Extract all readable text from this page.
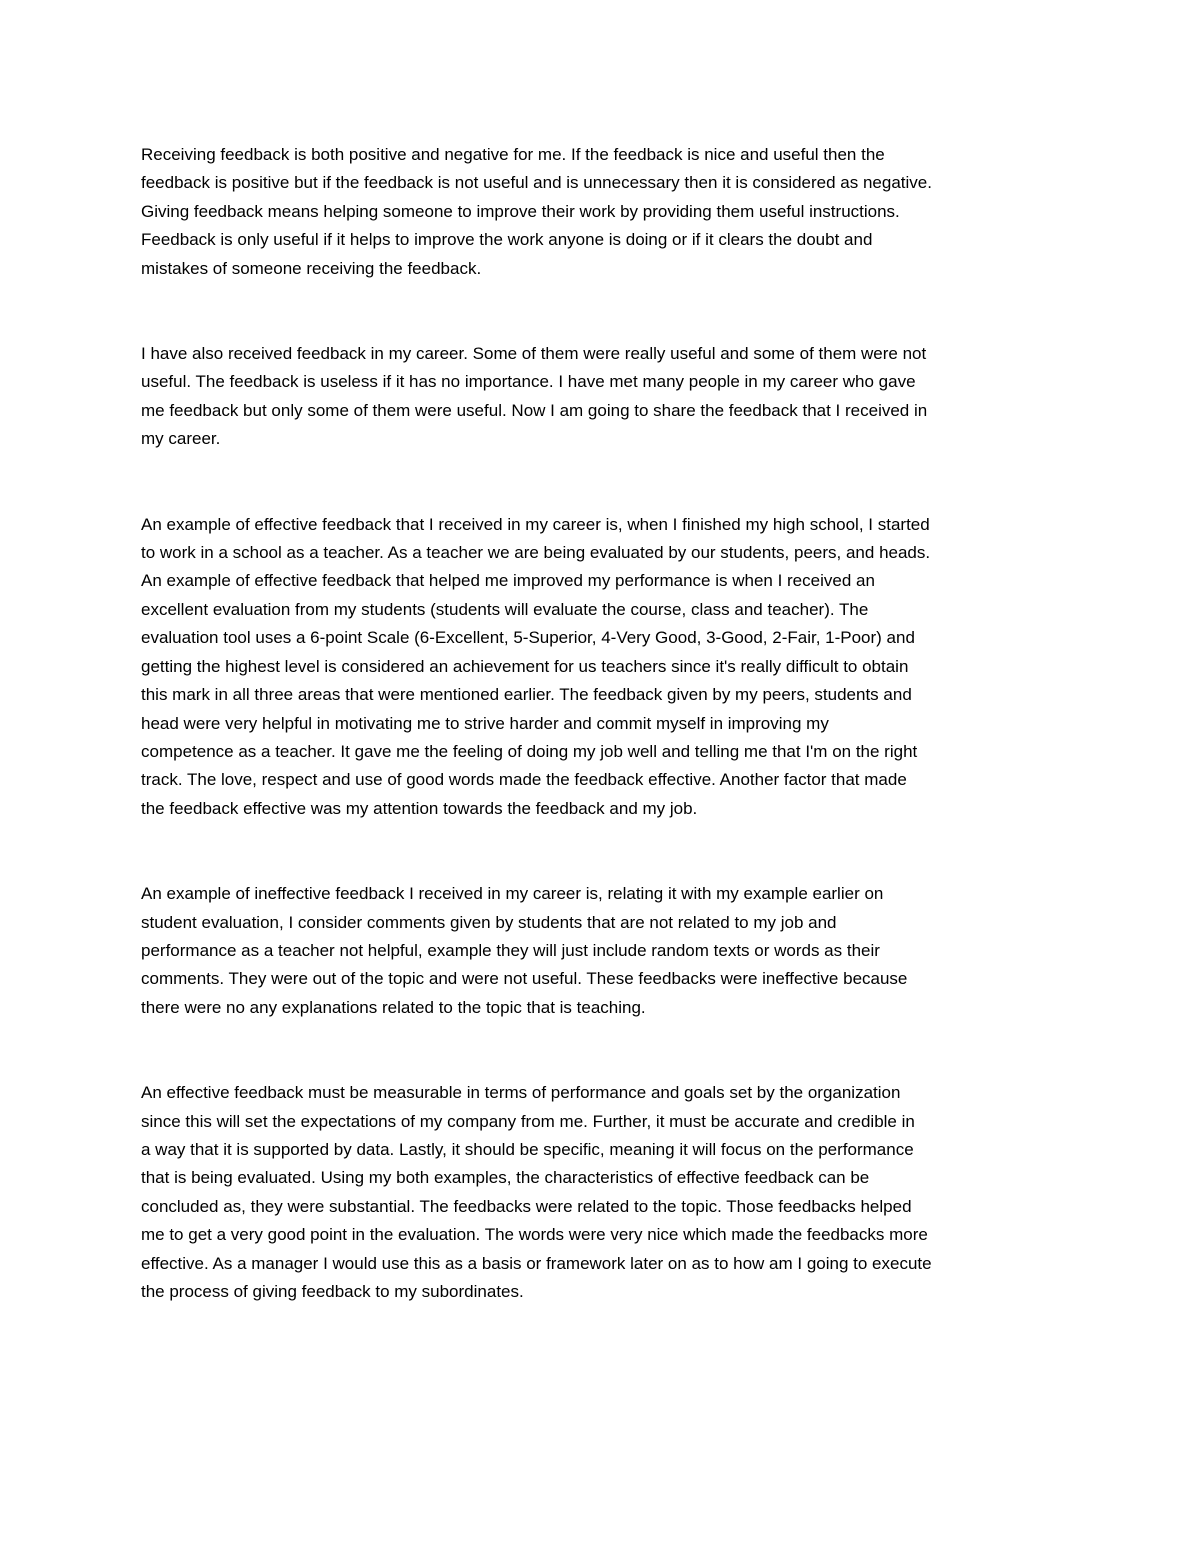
Receiving feedback is both positive and negative for me. If the feedback is nice and useful then the
feedback is positive but if the feedback is not useful and is unnecessary then it is considered as negative.
Giving feedback means helping someone to improve their work by providing them useful instructions.
Feedback is only useful if it helps to improve the work anyone is doing or if it clears the doubt and
mistakes of someone receiving the feedback.

I have also received feedback in my career. Some of them were really useful and some of them were not
useful. The feedback is useless if it has no importance. I have met many people in my career who gave
me feedback but only some of them were useful. Now I am going to share the feedback that I received in
my career.

An example of effective feedback that I received in my career is, when I finished my high school, I started
to work in a school as a teacher. As a teacher we are being evaluated by our students, peers, and heads.
An example of effective feedback that helped me improved my performance is when I received an
excellent evaluation from my students (students will evaluate the course, class and teacher). The
evaluation tool uses a 6-point Scale (6-Excellent, 5-Superior, 4-Very Good, 3-Good, 2-Fair, 1-Poor) and
getting the highest level is considered an achievement for us teachers since it's really difficult to obtain
this mark in all three areas that were mentioned earlier. The feedback given by my peers, students and
head were very helpful in motivating me to strive harder and commit myself in improving my
competence as a teacher. It gave me the feeling of doing my job well and telling me that I'm on the right
track. The love, respect and use of good words made the feedback effective. Another factor that made
the feedback effective was my attention towards the feedback and my job.

An example of ineffective feedback I received in my career is, relating it with my example earlier on
student evaluation, I consider comments given by students that are not related to my job and
performance as a teacher not helpful, example they will just include random texts or words as their
comments. They were out of the topic and were not useful. These feedbacks were ineffective because
there were no any explanations related to the topic that is teaching.

An effective feedback must be measurable in terms of performance and goals set by the organization
since this will set the expectations of my company from me. Further, it must be accurate and credible in
a way that it is supported by data. Lastly, it should be specific, meaning it will focus on the performance
that is being evaluated. Using my both examples, the characteristics of effective feedback can be
concluded as, they were substantial. The feedbacks were related to the topic. Those feedbacks helped
me to get a very good point in the evaluation. The words were very nice which made the feedbacks more
effective. As a manager I would use this as a basis or framework later on as to how am I going to execute
the process of giving feedback to my subordinates.
